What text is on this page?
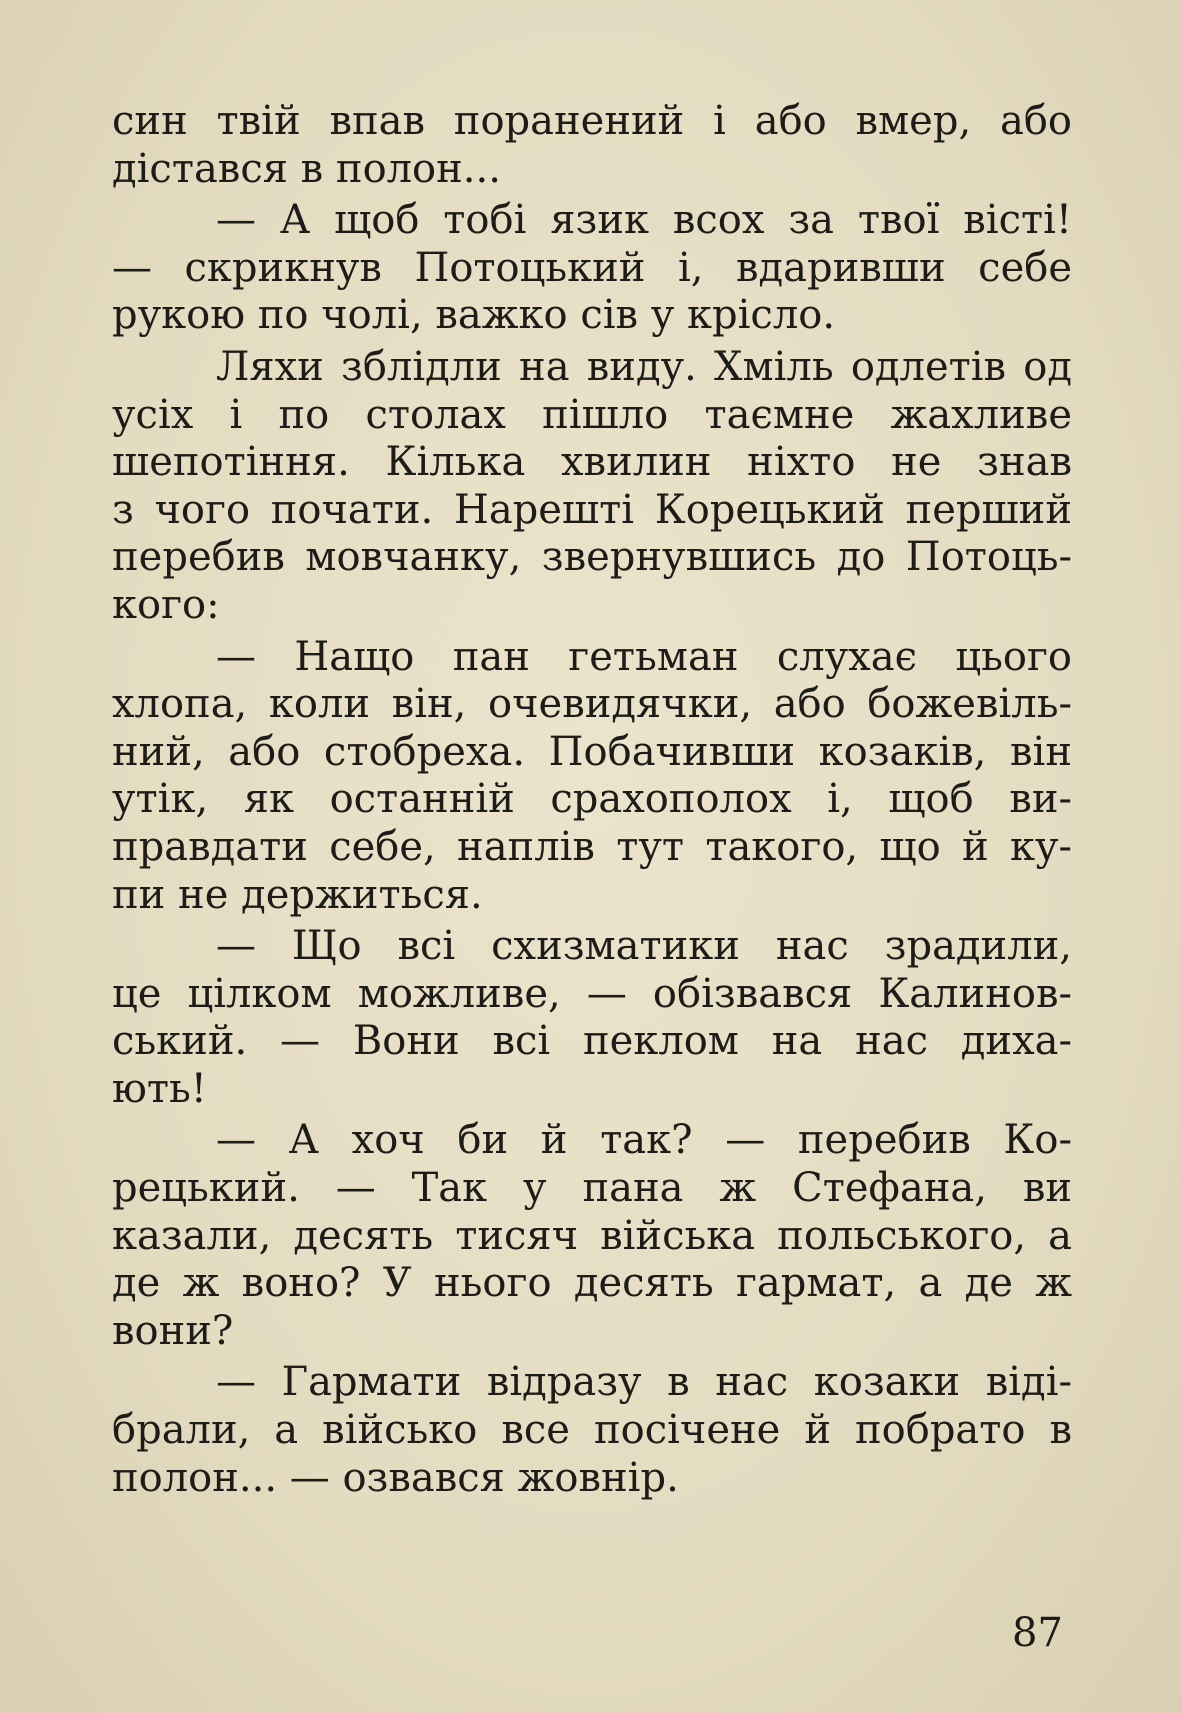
син твій впав поранений і або вмер, або
дістався в полон...
— А щоб тобі язик всох за твої вісті!
— скрикнув Потоцький і, вдаривши себе
рукою по чолі, важко сів у крісло.
Ляхи зблідли на виду. Хміль одлетів од
усіх і по столах пішло таємне жахливе
шепотіння. Кілька хвилин ніхто не знав
з чого почати. Нарешті Корецький перший
перебив мовчанку, звернувшись до Потоць-
кого:
— Нащо пан гетьман слухає цього
хлопа, коли він, очевидячки, або божевіль-
ний, або стобреха. Побачивши козаків, він
утік, як останній срахополох і, щоб ви-
правдати себе, наплів тут такого, що й ку-
пи не держиться.
— Що всі схизматики нас зрадили,
це цілком можливе, — обізвався Калинов-
ський. — Вони всі пеклом на нас диха-
ють!
— А хоч би й так? — перебив Ко-
рецький. — Так у пана ж Стефана, ви
казали, десять тисяч війська польського, а
де ж воно? У нього десять гармат, а де ж
вони?
— Гармати відразу в нас козаки віді-
брали, а військо все посічене й побрато в
полон... — озвався жовнір.
87
